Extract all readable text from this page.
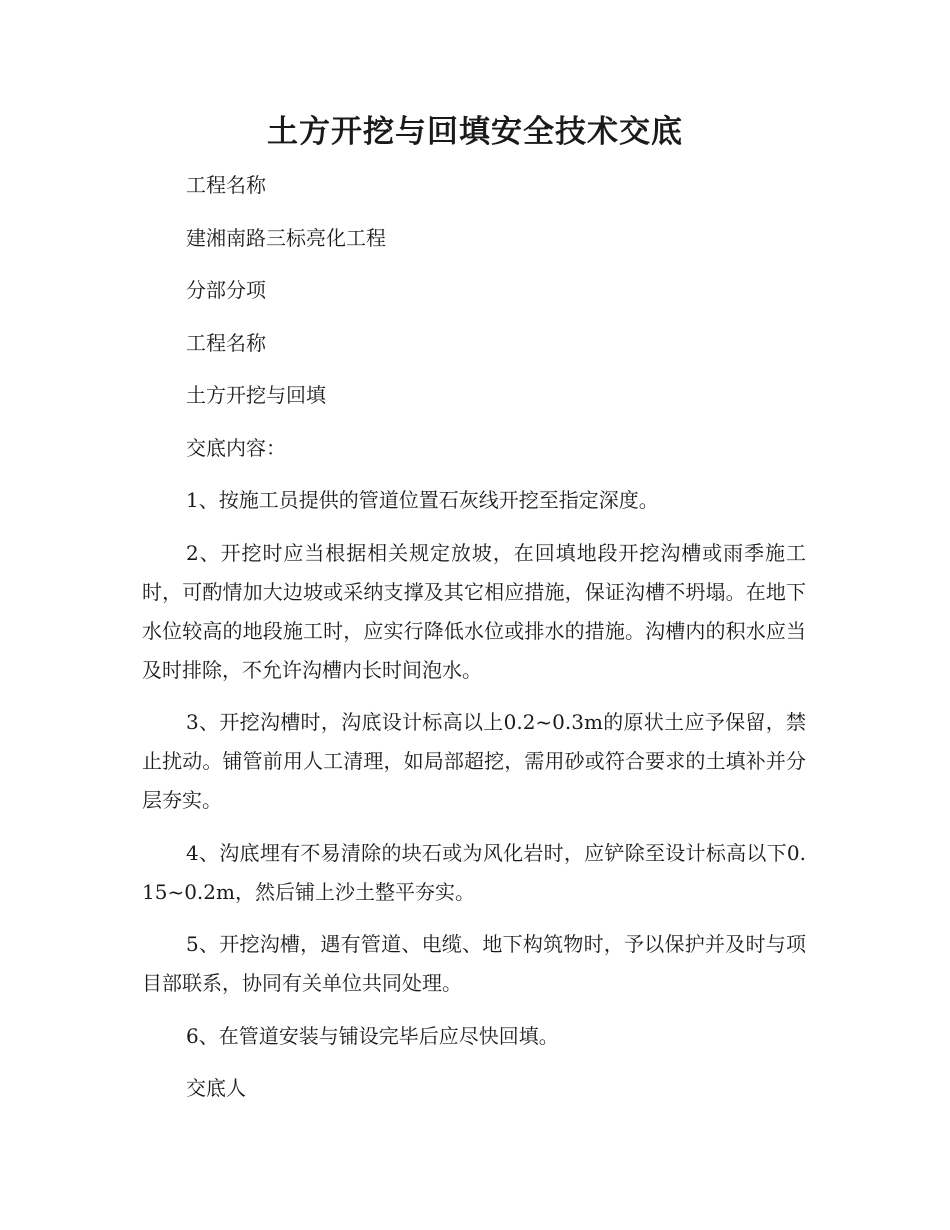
土方开挖与回填安全技术交底

工程名称

建湘南路三标亮化工程

分部分项

工程名称

土方开挖与回填

交底内容：

1、按施工员提供的管道位置石灰线开挖至指定深度。

2、开挖时应当根据相关规定放坡，在回填地段开挖沟槽或雨季施工时，可酌情加大边坡或采纳支撑及其它相应措施，保证沟槽不坍塌。在地下水位较高的地段施工时，应实行降低水位或排水的措施。沟槽内的积水应当及时排除，不允许沟槽内长时间泡水。

3、开挖沟槽时，沟底设计标高以上0.2~0.3m的原状土应予保留，禁止扰动。铺管前用人工清理，如局部超挖，需用砂或符合要求的土填补并分层夯实。

4、沟底埋有不易清除的块石或为风化岩时，应铲除至设计标高以下0.15~0.2m，然后铺上沙土整平夯实。

5、开挖沟槽，遇有管道、电缆、地下构筑物时，予以保护并及时与项目部联系，协同有关单位共同处理。

6、在管道安装与铺设完毕后应尽快回填。

交底人
